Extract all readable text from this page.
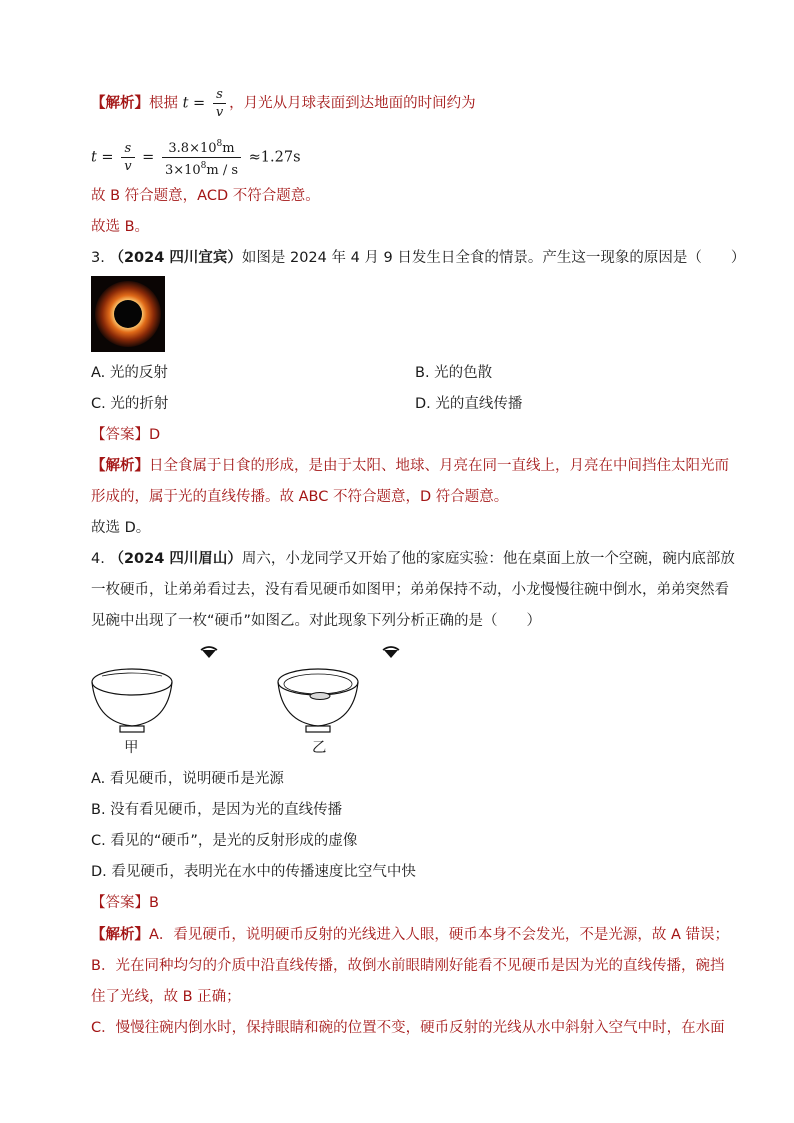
【解析】根据 $t = \frac{s}{v}$ ，月光从月球表面到达地面的时间约为
$t = \frac{s}{v} = \frac{3.8\times 10^8m}{3\times 10^8m / s} \approx 1.27s$
故 B 符合题意，ACD 不符合题意。
故选 B。
3. （2024 四川宜宾）如图是 2024 年 4 月 9 日发生日全食的情景。产生这一现象的原因是（　　）
A. 光的反射	B. 光的色散
C. 光的折射	D. 光的直线传播
【答案】D
【解析】日全食属于日食的形成，是由于太阳、地球、月亮在同一直线上，月亮在中间挡住太阳光而
形成的，属于光的直线传播。故 ABC 不符合题意，D 符合题意。
故选 D。
4. （2024 四川眉山）周六，小龙同学又开始了他的家庭实验：他在桌面上放一个空碗，碗内底部放
一枚硬币，让弟弟看过去，没有看见硬币如图甲；弟弟保持不动，小龙慢慢往碗中倒水，弟弟突然看
见碗中出现了一枚“硬币”如图乙。对此现象下列分析正确的是（　　）
甲	乙
A. 看见硬币，说明硬币是光源
B. 没有看见硬币，是因为光的直线传播
C. 看见的“硬币”，是光的反射形成的虚像
D. 看见硬币，表明光在水中的传播速度比空气中快
【答案】B
【解析】A．看见硬币，说明硬币反射的光线进入人眼，硬币本身不会发光，不是光源，故 A 错误；
B．光在同种均匀的介质中沿直线传播，故倒水前眼睛刚好能看不见硬币是因为光的直线传播，碗挡
住了光线，故 B 正确；
C．慢慢往碗内倒水时，保持眼睛和碗的位置不变，硬币反射的光线从水中斜射入空气中时，在水面
